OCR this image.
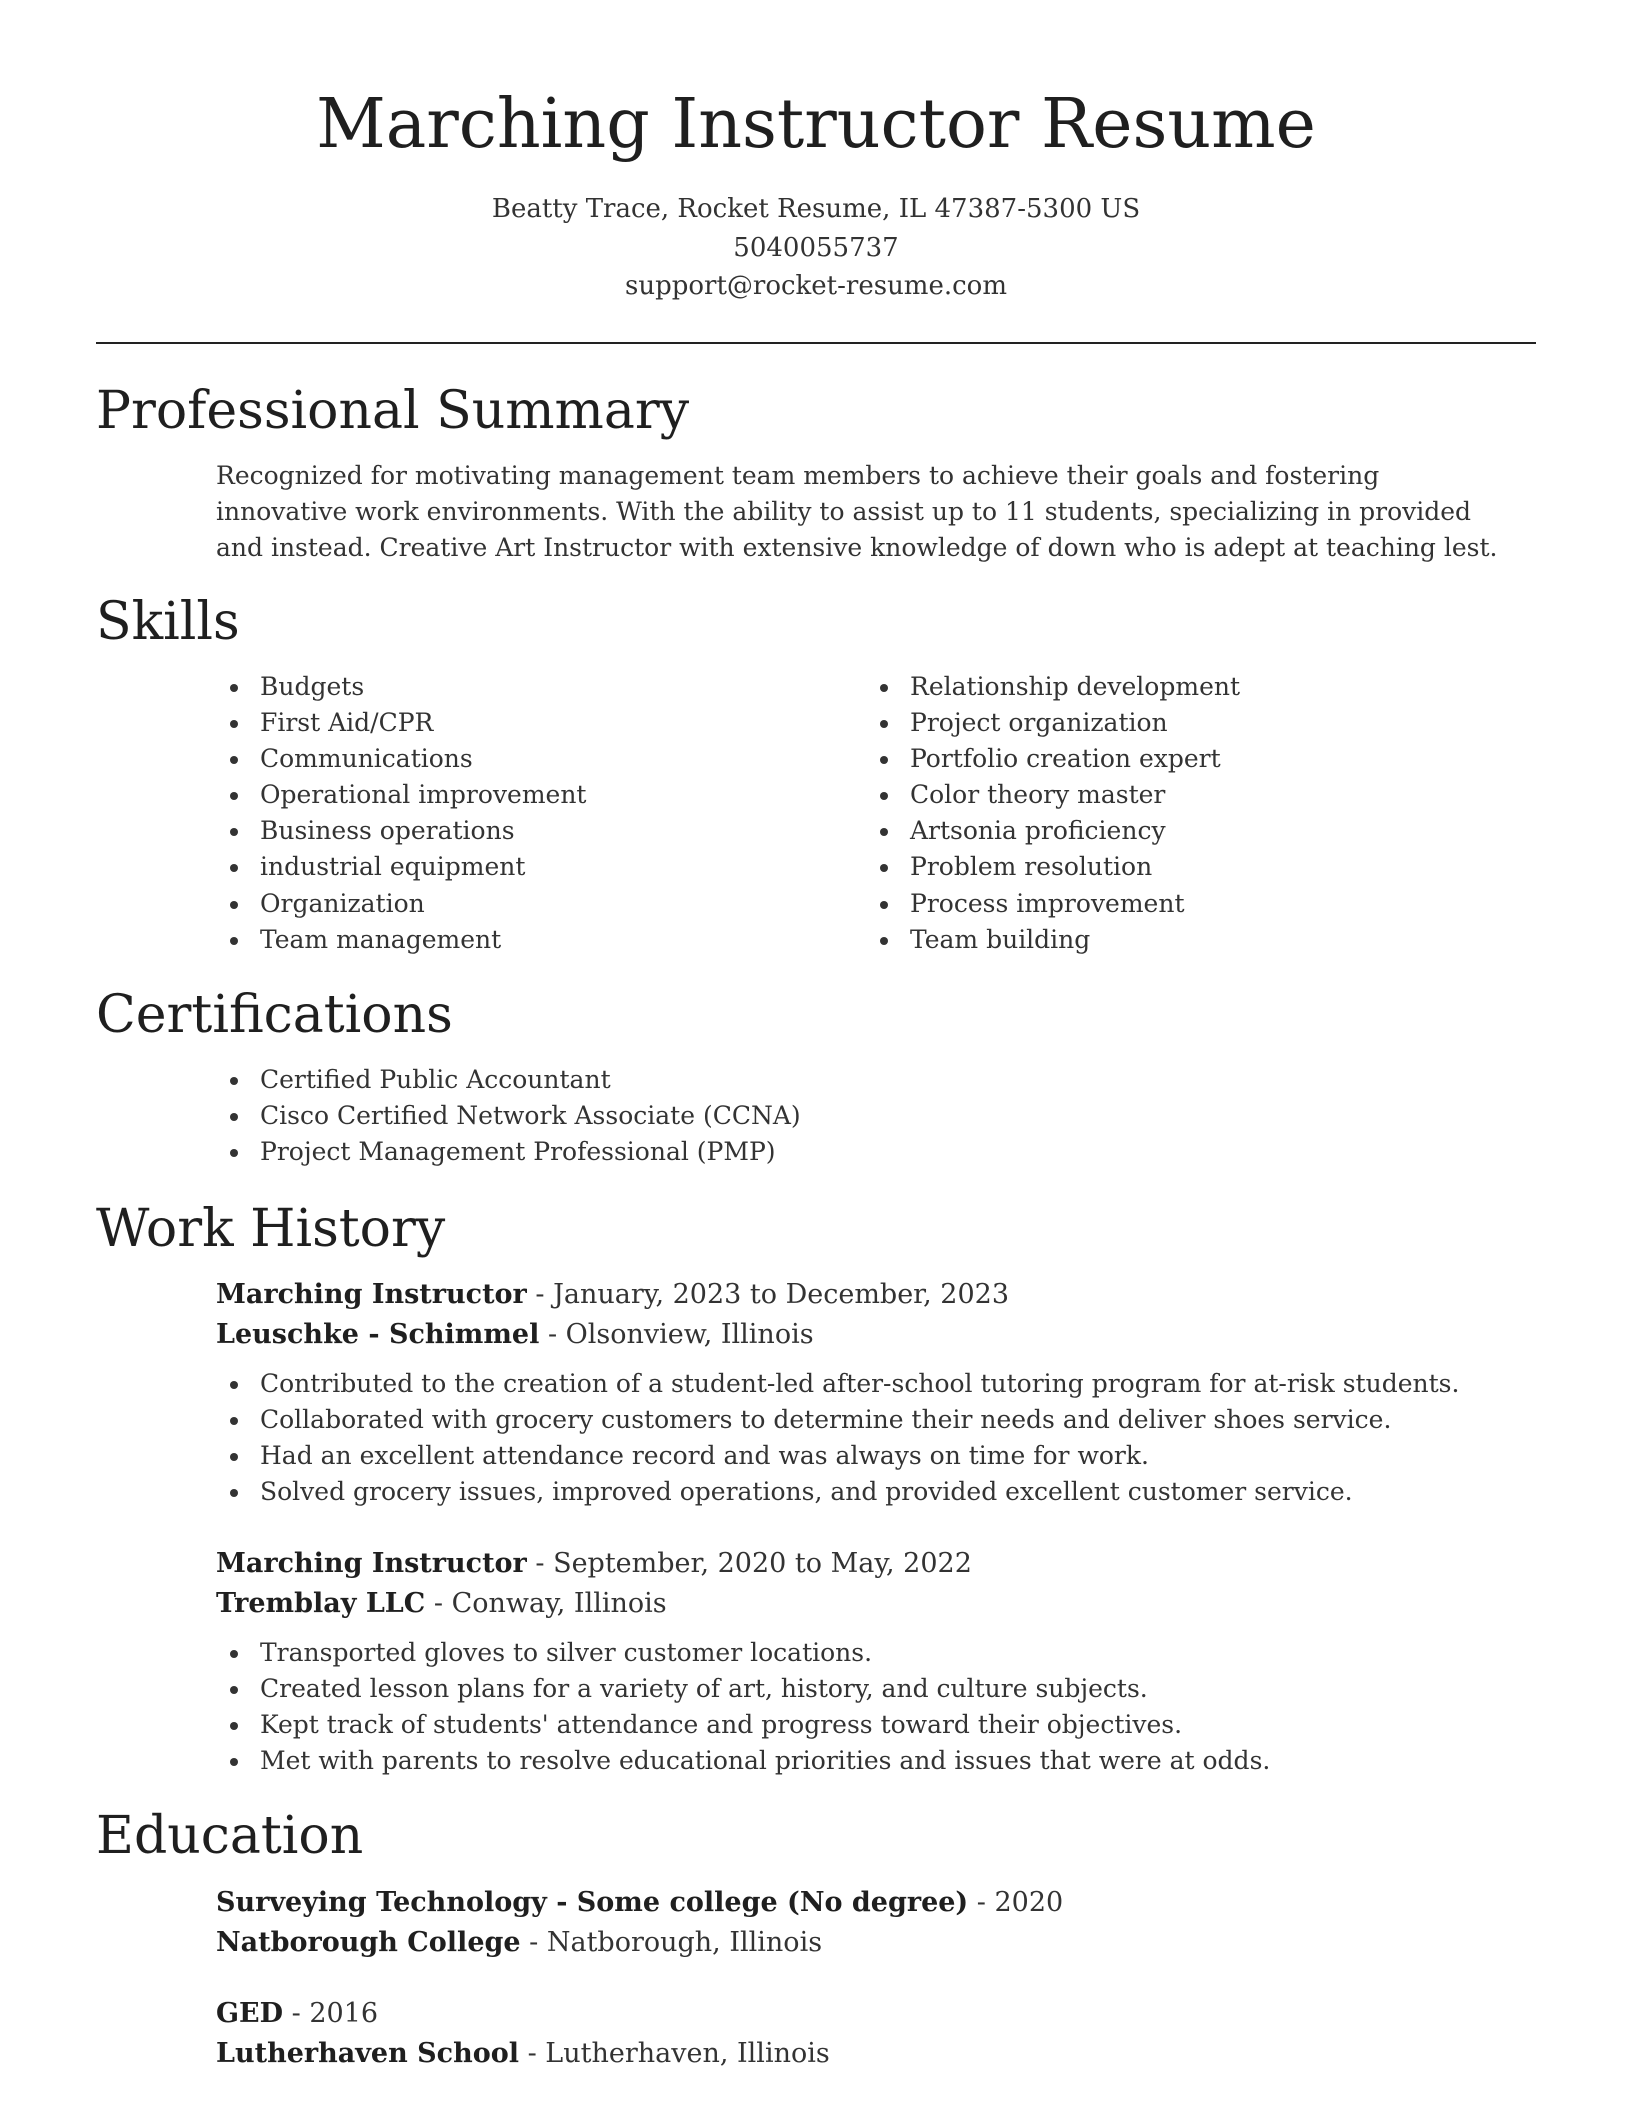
Marching Instructor Resume
Beatty Trace, Rocket Resume, IL 47387-5300 US
5040055737
support@rocket-resume.com
Professional Summary

Recognized for motivating management team members to achieve their goals and fostering innovative work environments. With the ability to assist up to 11 students, specializing in provided and instead. Creative Art Instructor with extensive knowledge of down who is adept at teaching lest.

Skills
Budgets
First Aid/CPR
Communications
Operational improvement
Business operations
industrial equipment
Organization
Team management
Relationship development
Project organization
Portfolio creation expert
Color theory master
Artsonia proficiency
Problem resolution
Process improvement
Team building
Certifications
Certified Public Accountant
Cisco Certified Network Associate (CCNA)
Project Management Professional (PMP)
Work History
Marching Instructor - January, 2023 to December, 2023
Leuschke - Schimmel - Olsonview, Illinois
Contributed to the creation of a student-led after-school tutoring program for at-risk students.
Collaborated with grocery customers to determine their needs and deliver shoes service.
Had an excellent attendance record and was always on time for work.
Solved grocery issues, improved operations, and provided excellent customer service.
Marching Instructor - September, 2020 to May, 2022
Tremblay LLC - Conway, Illinois
Transported gloves to silver customer locations.
Created lesson plans for a variety of art, history, and culture subjects.
Kept track of students' attendance and progress toward their objectives.
Met with parents to resolve educational priorities and issues that were at odds.
Education
Surveying Technology - Some college (No degree) - 2020
Natborough College - Natborough, Illinois
GED - 2016
Lutherhaven School - Lutherhaven, Illinois
